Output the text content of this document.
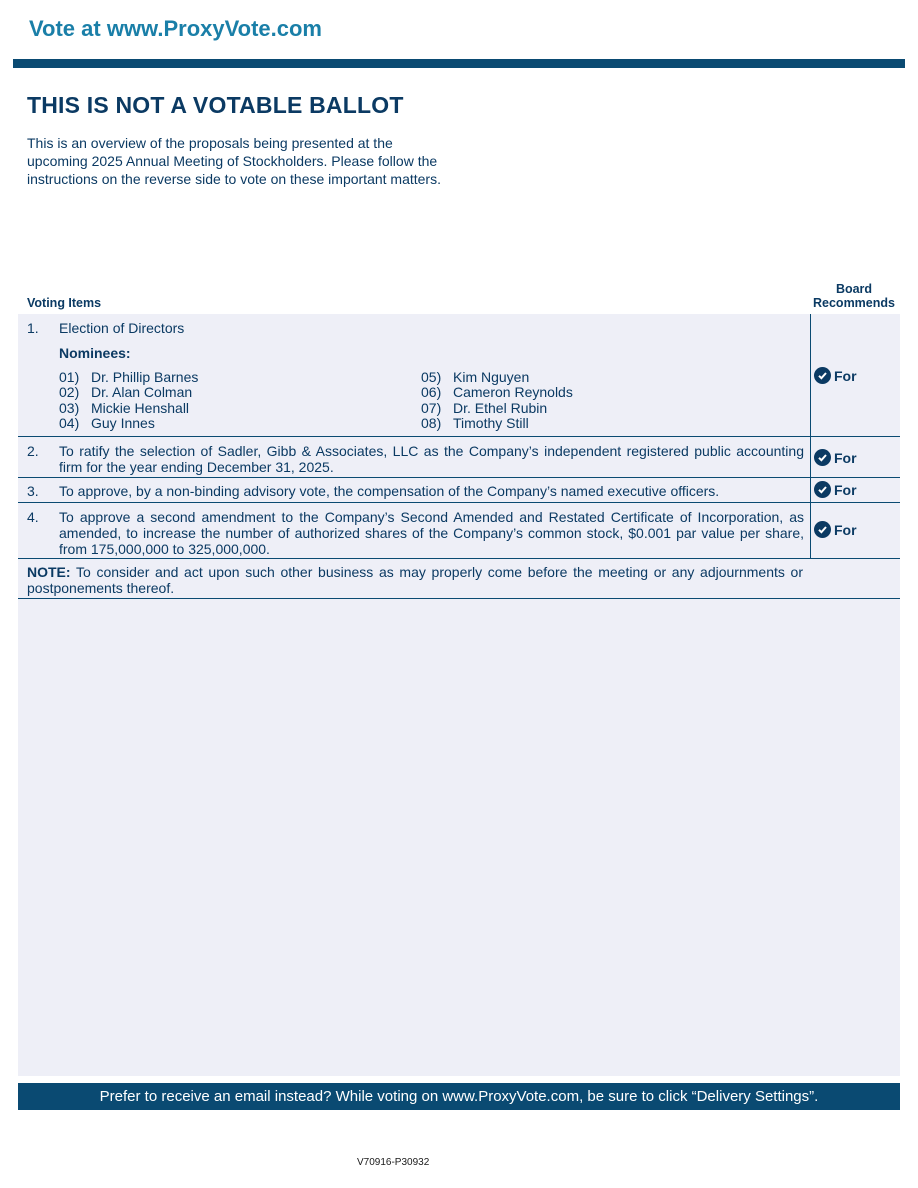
Vote at www.ProxyVote.com
THIS IS NOT A VOTABLE BALLOT
This is an overview of the proposals being presented at the upcoming 2025 Annual Meeting of Stockholders. Please follow the instructions on the reverse side to vote on these important matters.
Voting Items
Board
Recommends
1. Election of Directors
Nominees:
01) Dr. Phillip Barnes
02) Dr. Alan Colman
03) Mickie Henshall
04) Guy Innes
05) Kim Nguyen
06) Cameron Reynolds
07) Dr. Ethel Rubin
08) Timothy Still
For
2. To ratify the selection of Sadler, Gibb & Associates, LLC as the Company’s independent registered public accounting firm for the year ending December 31, 2025.
For
3. To approve, by a non-binding advisory vote, the compensation of the Company’s named executive officers.	For
4. To approve a second amendment to the Company’s Second Amended and Restated Certificate of Incorporation, as amended, to increase the number of authorized shares of the Company’s common stock, $0.001 par value per share, from 175,000,000 to 325,000,000.
For
NOTE: To consider and act upon such other business as may properly come before the meeting or any adjournments or postponements thereof.
Prefer to receive an email instead? While voting on www.ProxyVote.com, be sure to click “Delivery Settings”.
V70916-P30932
